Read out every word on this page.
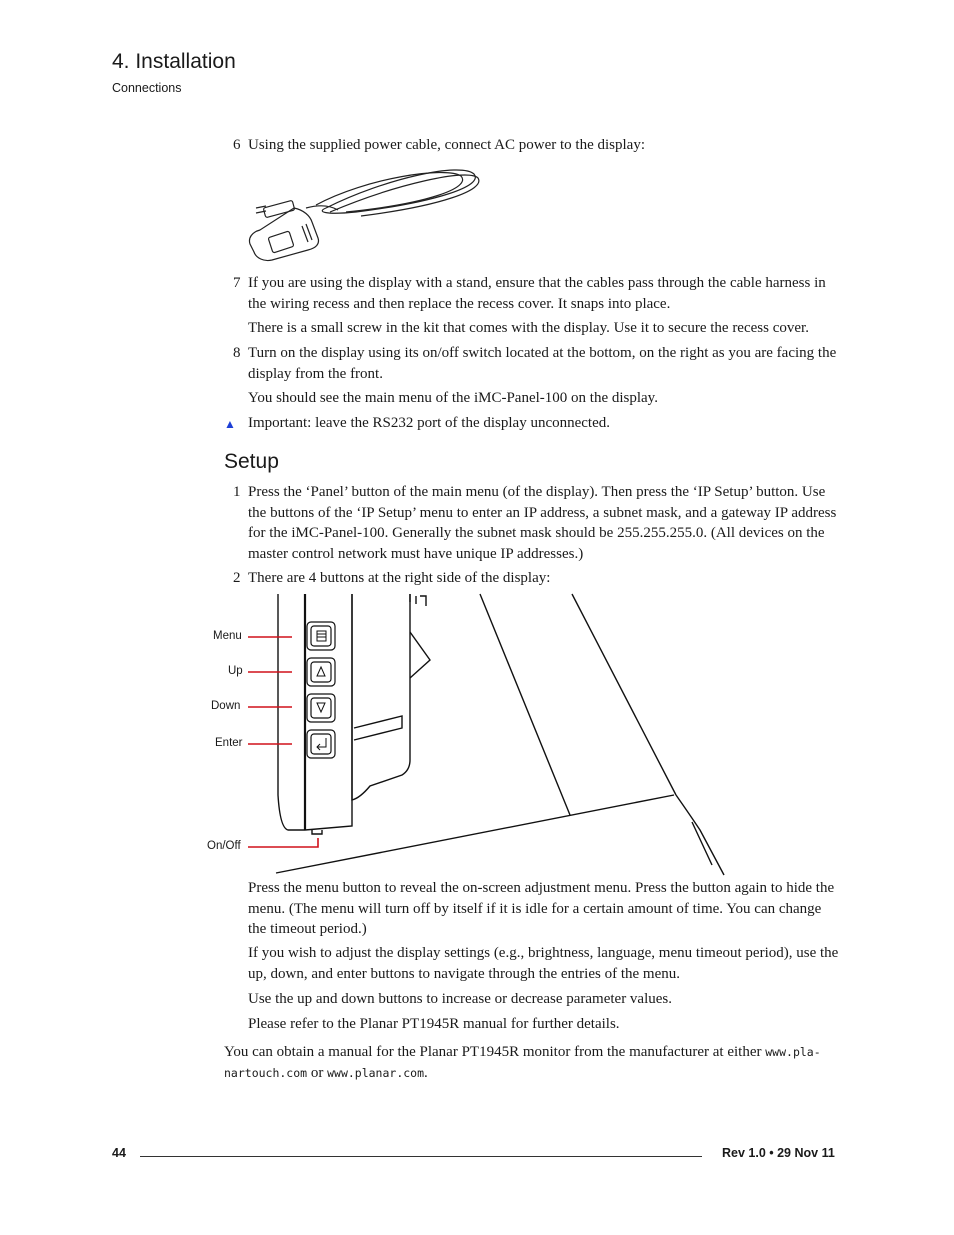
4. Installation
Connections
6 Using the supplied power cable, connect AC power to the display:
7 If you are using the display with a stand, ensure that the cables pass through the cable harness in the wiring recess and then replace the recess cover. It snaps into place.
There is a small screw in the kit that comes with the display. Use it to secure the recess cover.
8 Turn on the display using its on/off switch located at the bottom, on the right as you are facing the display from the front.
You should see the main menu of the iMC-Panel-100 on the display.
▲ Important: leave the RS232 port of the display unconnected.
Setup
1 Press the ‘Panel’ button of the main menu (of the display). Then press the ‘IP Setup’ button. Use the buttons of the ‘IP Setup’ menu to enter an IP address, a subnet mask, and a gateway IP address for the iMC-Panel-100. Generally the subnet mask should be 255.255.255.0. (All devices on the master control network must have unique IP addresses.)
2 There are 4 buttons at the right side of the display:
Menu
Up
Down
Enter
On/Off
Press the menu button to reveal the on-screen adjustment menu. Press the button again to hide the menu. (The menu will turn off by itself if it is idle for a certain amount of time. You can change the timeout period.)
If you wish to adjust the display settings (e.g., brightness, language, menu timeout period), use the up, down, and enter buttons to navigate through the entries of the menu.
Use the up and down buttons to increase or decrease parameter values.
Please refer to the Planar PT1945R manual for further details.
You can obtain a manual for the Planar PT1945R monitor from the manufacturer at either www.pla-
nartouch.com or www.planar.com.
44	Rev 1.0 • 29 Nov 11
